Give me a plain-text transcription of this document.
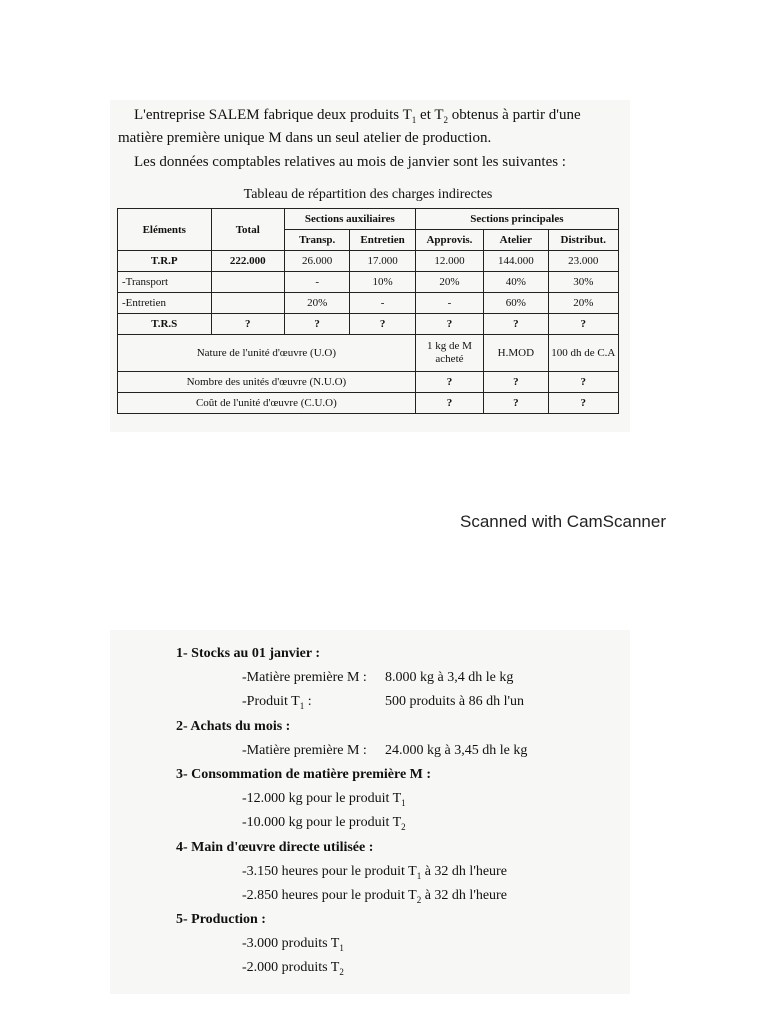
L'entreprise SALEM fabrique deux produits $T_1$ et $T_2$ obtenus à partir d'une matière première unique M dans un seul atelier de production.

Les données comptables relatives au mois de janvier sont les suivantes :

Tableau de répartition des charges indirectes
Eléments	Total	Sections auxiliaires		Sections principales		
		Transp.	Entretien	Approvis.	Atelier	Distribut.
T.R.P	222.000	26.000	17.000	12.000	144.000	23.000
-Transport		-	10%	20%	40%	30%
-Entretien		20%	-	-	60%	20%
T.R.S	?	?	?	?	?	?
Nature de l'unité d'œuvre (U.O)				1 kg de M acheté	H.MOD	100 dh de C.A
Nombre des unités d'œuvre (N.U.O)				?	?	?
Coût de l'unité d'œuvre (C.U.O)				?	?	?
Scanned with CamScanner
1- Stocks au 01 janvier :
-Matière première M : 8.000 kg à 3,4 dh le kg
-Produit $T_1$ :	500 produits à 86 dh l'un
2- Achats du mois :
-Matière première M : 24.000 kg à 3,45 dh le kg
3- Consommation de matière première M :
-12.000 kg pour le produit $T_1$
-10.000 kg pour le produit $T_2$
4- Main d'œuvre directe utilisée :
-3.150 heures pour le produit $T_1$ à 32 dh l'heure
-2.850 heures pour le produit $T_2$ à 32 dh l'heure
5- Production :
-3.000 produits $T_1$
-2.000 produits $T_2$
